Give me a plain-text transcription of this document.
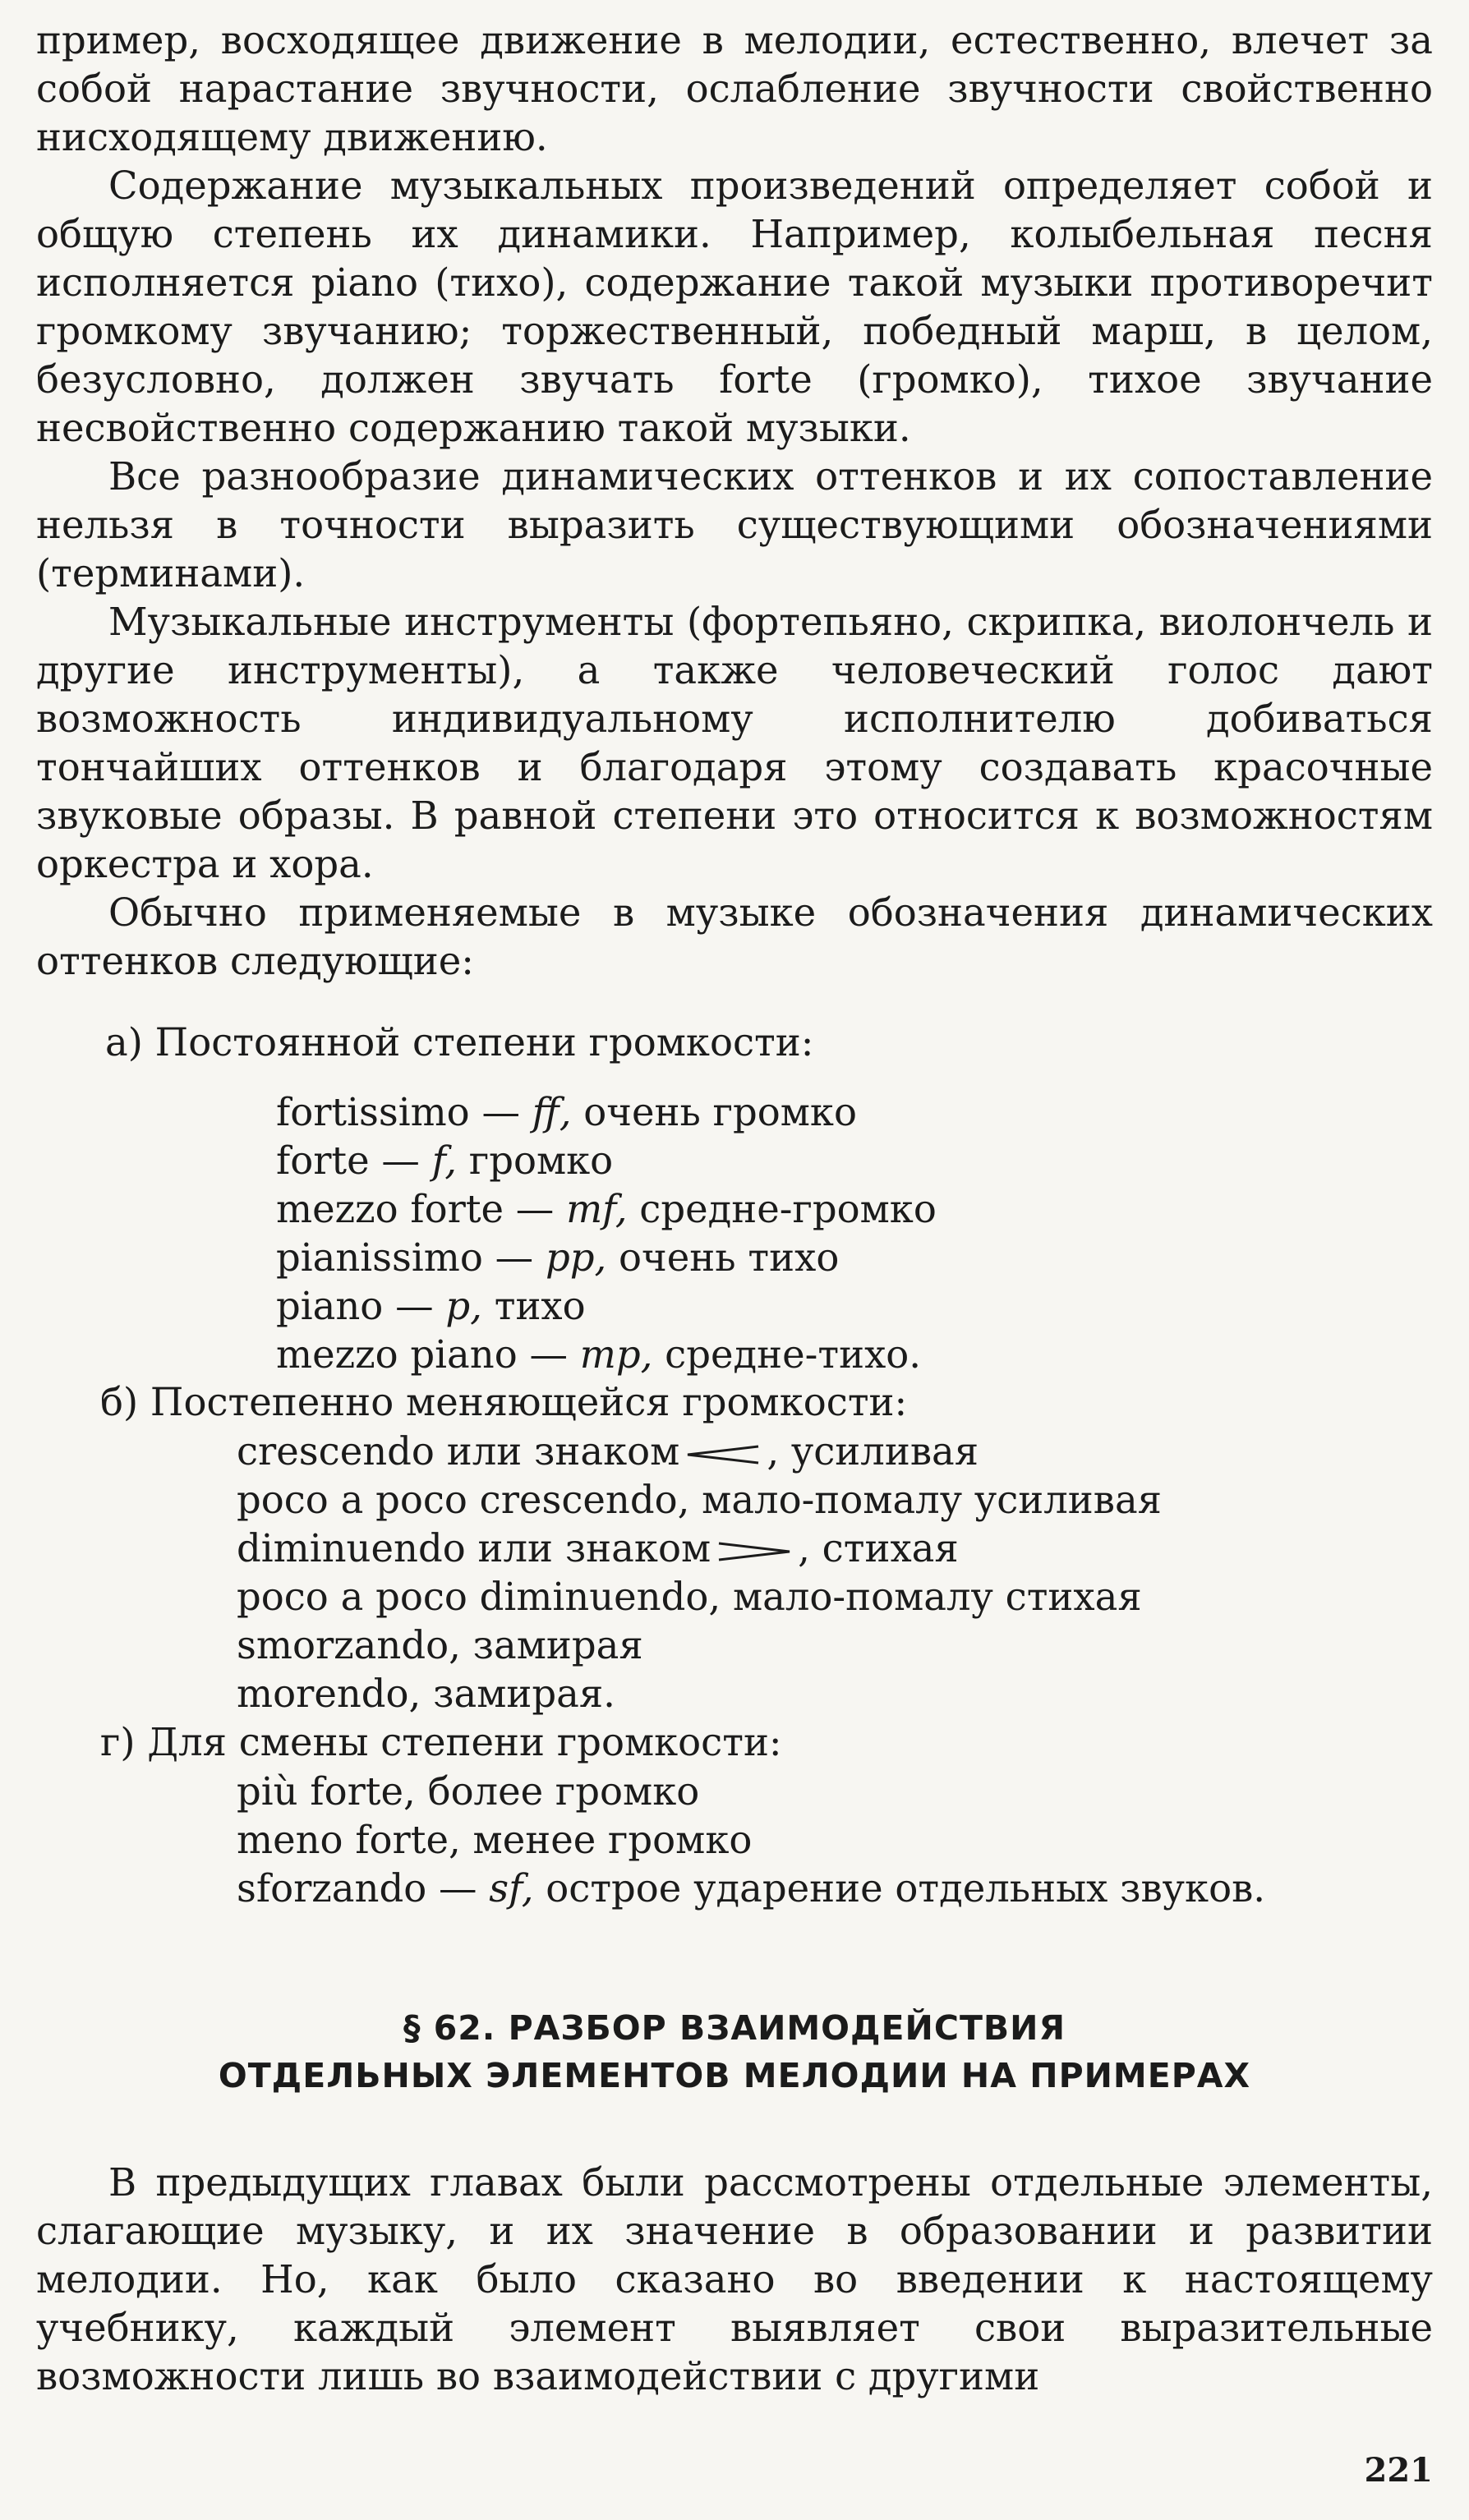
пример, восходящее движение в мелодии, естественно, влечет за собой нарастание звучности, ослабление звучности свойственно нисходящему движению.

Содержание музыкальных произведений определяет собой и общую степень их динамики. Например, колыбельная песня исполняется piano (тихо), содержание такой музыки противоречит громкому звучанию; торжественный, победный марш, в целом, безусловно, должен звучать forte (громко), тихое звучание несвойственно содержанию такой музыки.

Все разнообразие динамических оттенков и их сопоставление нельзя в точности выразить существующими обозначениями (терминами).

Музыкальные инструменты (фортепьяно, скрипка, виолончель и другие инструменты), а также человеческий голос дают возможность индивидуальному исполнителю добиваться тончайших оттенков и благодаря этому создавать красочные звуковые образы. В равной степени это относится к возможностям оркестра и хора.

Обычно применяемые в музыке обозначения динамических оттенков следующие:

а) Постоянной степени громкости:

fortissimo — ff, очень громко

forte — f, громко

mezzo forte — mf, средне-громко

pianissimo — pp, очень тихо

piano — p, тихо

mezzo piano — mp, средне-тихо.

б) Постепенно меняющейся громкости:

crescendo или знаком , усиливая

poco a poco crescendo, мало-помалу усиливая

diminuendo или знаком , стихая

poco a poco diminuendo, мало-помалу стихая

smorzando, замирая

morendo, замирая.

г) Для смены степени громкости:

più forte, более громко

meno forte, менее громко

sforzando — sf, острое ударение отдельных звуков.

§ 62. РАЗБОР ВЗАИМОДЕЙСТВИЯ

ОТДЕЛЬНЫХ ЭЛЕМЕНТОВ МЕЛОДИИ НА ПРИМЕРАХ

В предыдущих главах были рассмотрены отдельные элементы, слагающие музыку, и их значение в образовании и развитии мелодии. Но, как было сказано во введении к настоящему учебнику, каждый элемент выявляет свои выразительные возможности лишь во взаимодействии с другими

221
